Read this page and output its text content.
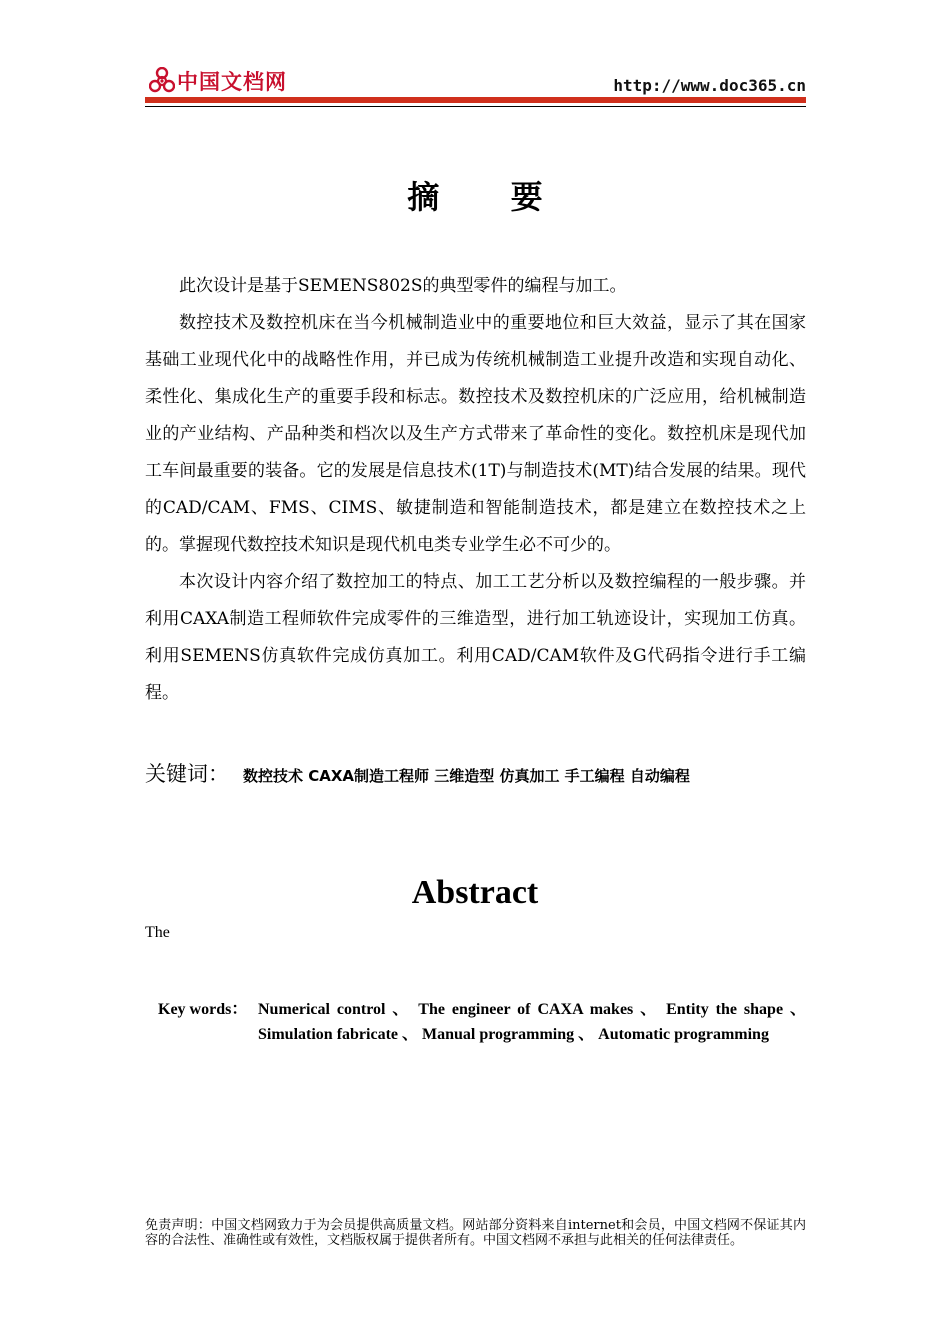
中国文档网	http://www.doc365.cn
摘 要

此次设计是基于SEMENS802S的典型零件的编程与加工。

数控技术及数控机床在当今机械制造业中的重要地位和巨大效益，显示了其在国家基础工业现代化中的战略性作用，并已成为传统机械制造工业提升改造和实现自动化、柔性化、集成化生产的重要手段和标志。数控技术及数控机床的广泛应用，给机械制造业的产业结构、产品种类和档次以及生产方式带来了革命性的变化。数控机床是现代加工车间最重要的装备。它的发展是信息技术(1T)与制造技术(MT)结合发展的结果。现代的CAD/CAM、FMS、CIMS、敏捷制造和智能制造技术，都是建立在数控技术之上的。掌握现代数控技术知识是现代机电类专业学生必不可少的。

本次设计内容介绍了数控加工的特点、加工工艺分析以及数控编程的一般步骤。并利用CAXA制造工程师软件完成零件的三维造型，进行加工轨迹设计，实现加工仿真。利用SEMENS仿真软件完成仿真加工。利用CAD/CAM软件及G代码指令进行手工编程。

关键词： 数控技术 CAXA制造工程师 三维造型 仿真加工 手工编程 自动编程
Abstract
The
Key words： Numerical control 、 The engineer of CAXA makes 、 Entity the shape 、 Simulation fabricate 、 Manual programming 、 Automatic programming
免责声明：中国文档网致力于为会员提供高质量文档。网站部分资料来自internet和会员，中国文档网不保证其内容的合法性、准确性或有效性，文档版权属于提供者所有。中国文档网不承担与此相关的任何法律责任。
